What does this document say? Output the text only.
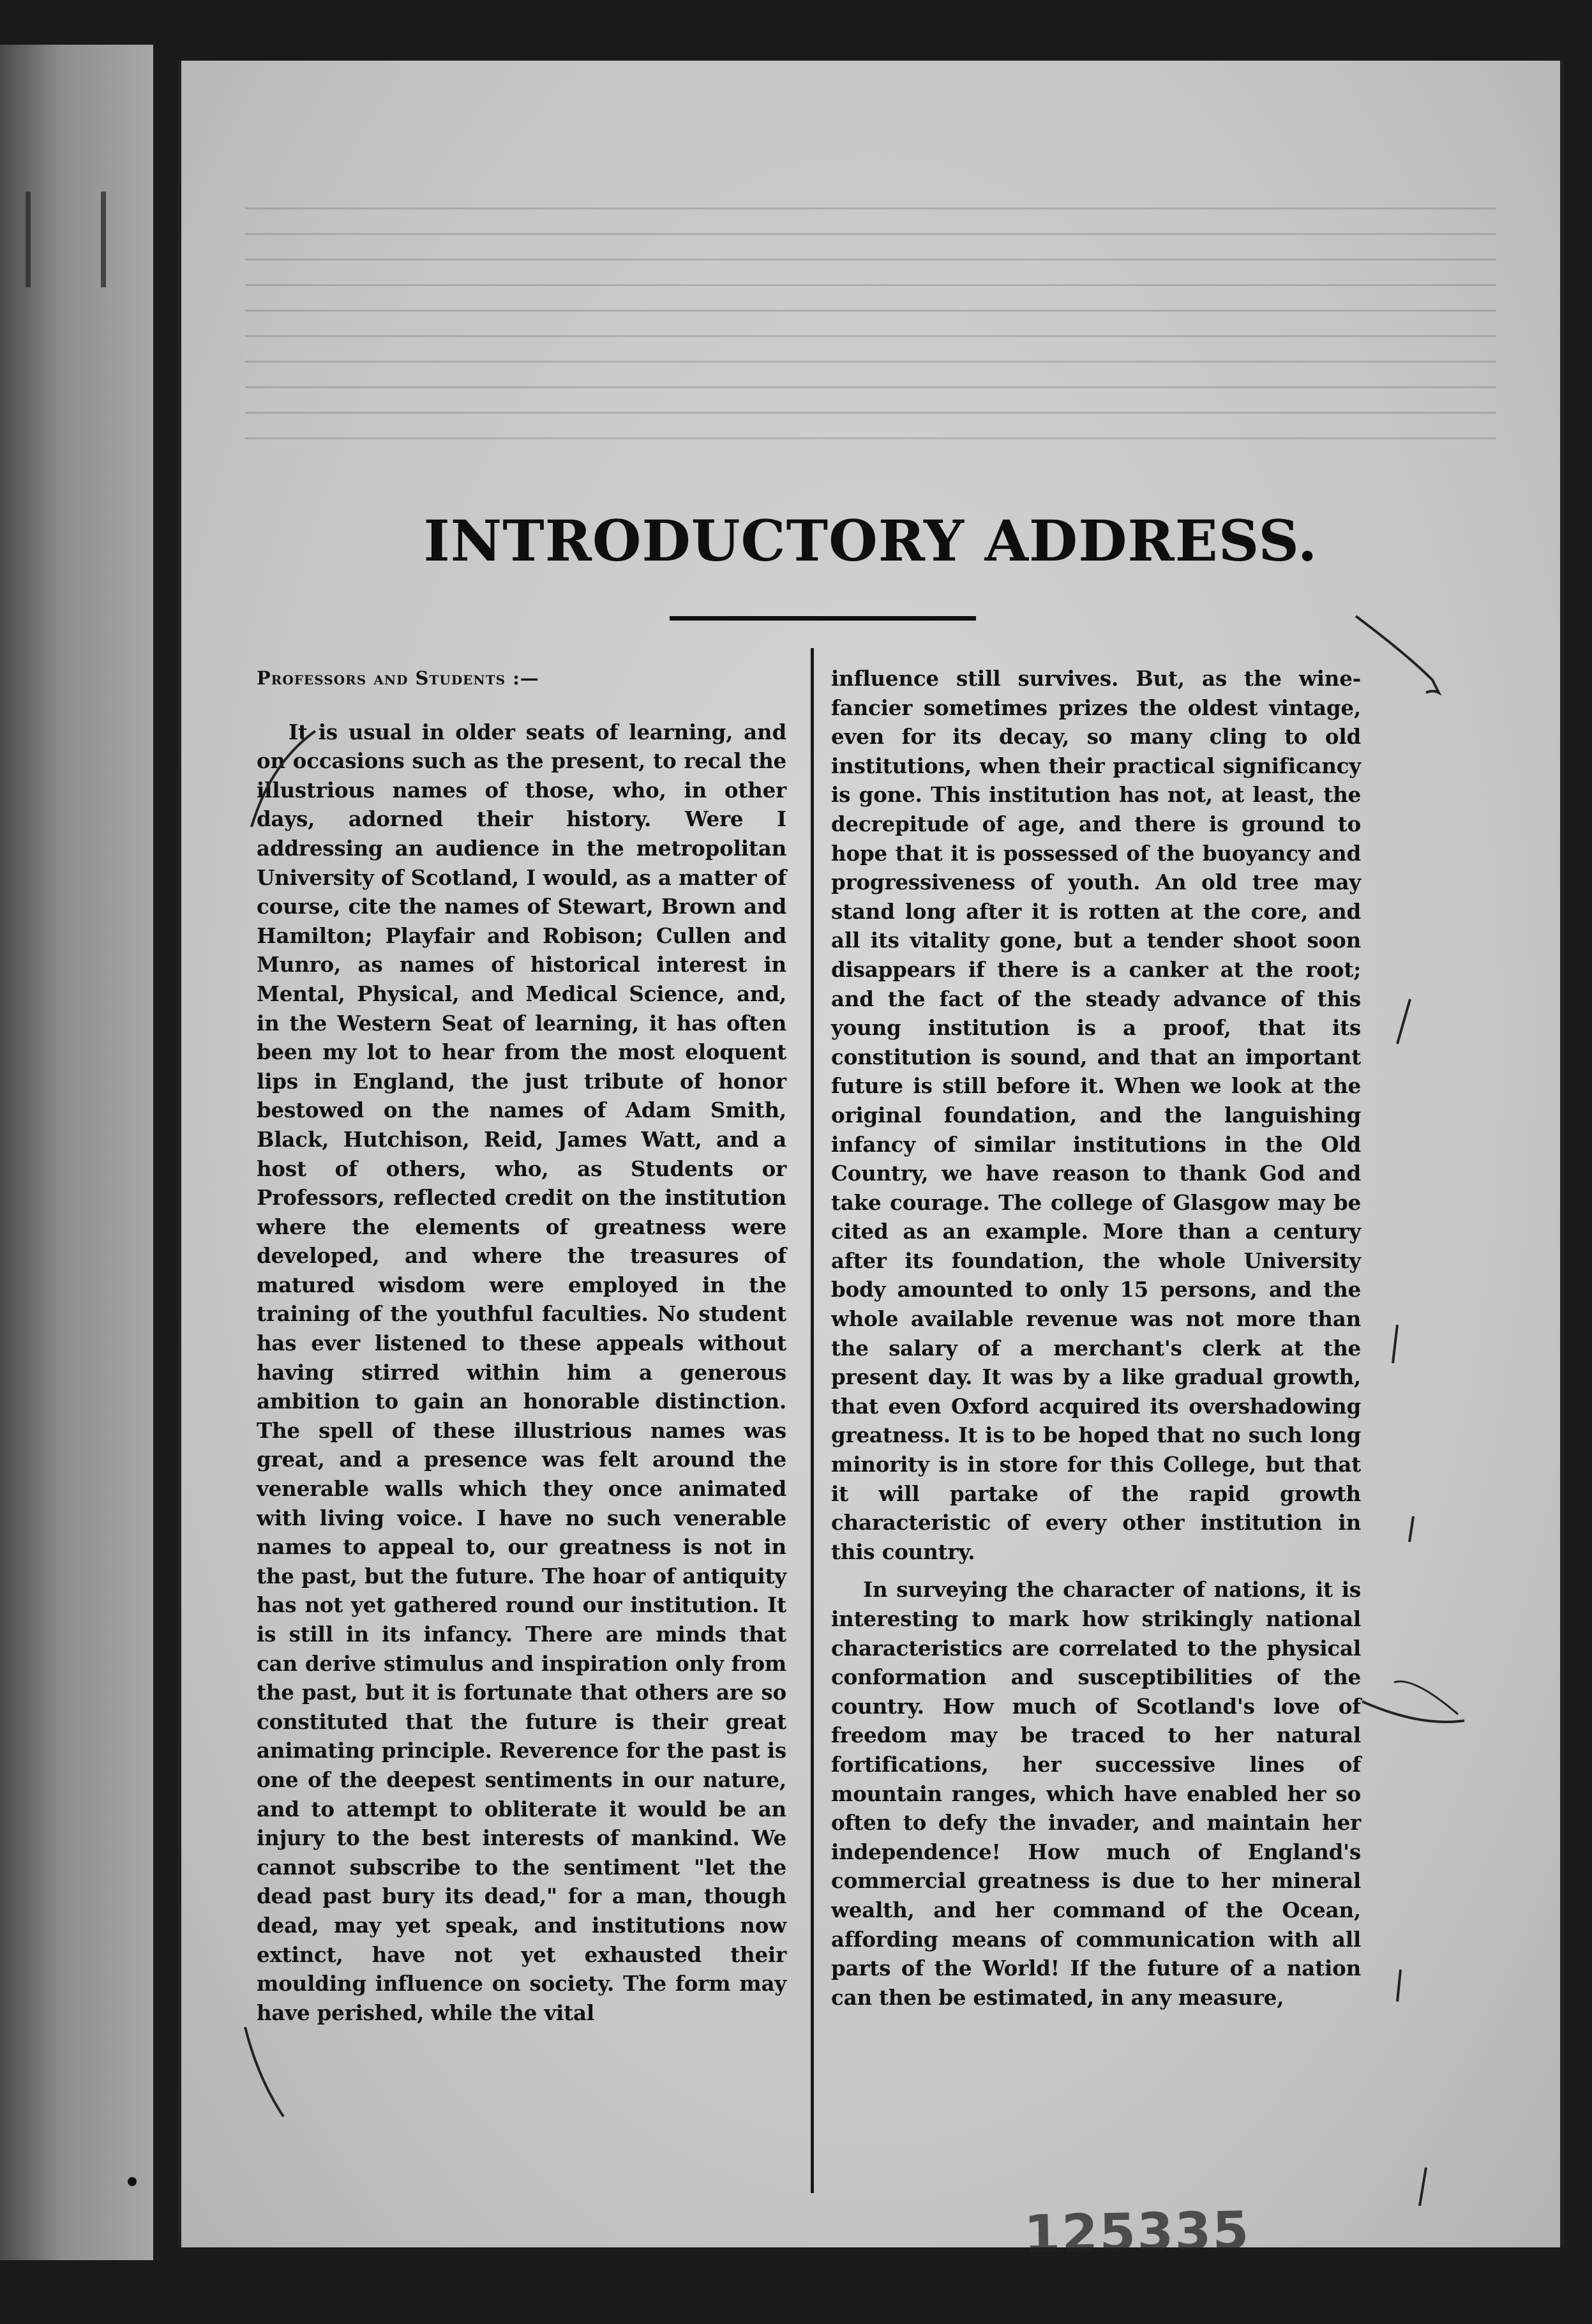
INTRODUCTORY ADDRESS.
Professors and Students :—

It is usual in older seats of learning, and on occasions such as the present, to recal the illustrious names of those, who, in other days, adorned their history. Were I addressing an audience in the metropolitan University of Scotland, I would, as a matter of course, cite the names of Stewart, Brown and Hamilton; Playfair and Robison; Cullen and Munro, as names of historical interest in Mental, Physical, and Medical Science, and, in the Western Seat of learning, it has often been my lot to hear from the most eloquent lips in England, the just tribute of honor bestowed on the names of Adam Smith, Black, Hutchison, Reid, James Watt, and a host of others, who, as Students or Professors, reflected credit on the institution where the elements of greatness were developed, and where the treasures of matured wisdom were employed in the training of the youthful faculties. No student has ever listened to these appeals without having stirred within him a generous ambition to gain an honorable distinction. The spell of these illustrious names was great, and a presence was felt around the venerable walls which they once animated with living voice. I have no such venerable names to appeal to, our greatness is not in the past, but the future. The hoar of antiquity has not yet gathered round our institution. It is still in its infancy. There are minds that can derive stimulus and inspiration only from the past, but it is fortunate that others are so constituted that the future is their great animating principle. Reverence for the past is one of the deepest sentiments in our nature, and to attempt to obliterate it would be an injury to the best interests of mankind. We cannot subscribe to the sentiment "let the dead past bury its dead," for a man, though dead, may yet speak, and institutions now extinct, have not yet exhausted their moulding influence on society. The form may have perished, while the vital

influence still survives. But, as the wine-fancier sometimes prizes the oldest vintage, even for its decay, so many cling to old institutions, when their practical significancy is gone. This institution has not, at least, the decrepitude of age, and there is ground to hope that it is possessed of the buoyancy and progressiveness of youth. An old tree may stand long after it is rotten at the core, and all its vitality gone, but a tender shoot soon disappears if there is a canker at the root; and the fact of the steady advance of this young institution is a proof, that its constitution is sound, and that an important future is still before it. When we look at the original foundation, and the languishing infancy of similar institutions in the Old Country, we have reason to thank God and take courage. The college of Glasgow may be cited as an example. More than a century after its foundation, the whole University body amounted to only 15 persons, and the whole available revenue was not more than the salary of a merchant's clerk at the present day. It was by a like gradual growth, that even Oxford acquired its overshadowing greatness. It is to be hoped that no such long minority is in store for this College, but that it will partake of the rapid growth characteristic of every other institution in this country.

In surveying the character of nations, it is interesting to mark how strikingly national characteristics are correlated to the physical conformation and susceptibilities of the country. How much of Scotland's love of freedom may be traced to her natural fortifications, her successive lines of mountain ranges, which have enabled her so often to defy the invader, and maintain her independence! How much of England's commercial greatness is due to her mineral wealth, and her command of the Ocean, affording means of communication with all parts of the World! If the future of a nation can then be estimated, in any measure,

125335
